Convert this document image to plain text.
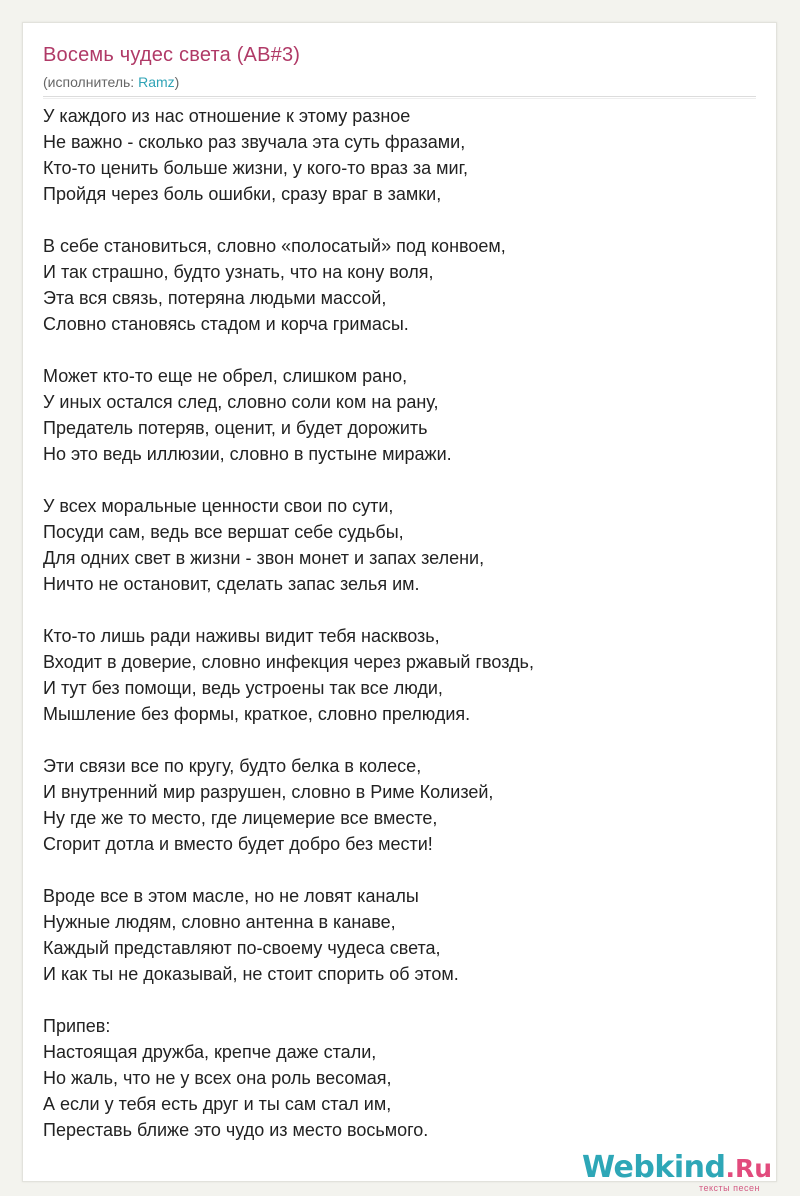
Восемь чудес света (AB#3)
(исполнитель: Ramz)
У каждого из нас отношение к этому разное
Не важно - сколько раз звучала эта суть фразами,
Кто-то ценить больше жизни, у кого-то враз за миг,
Пройдя через боль ошибки, сразу враг в замки,
В себе становиться, словно «полосатый» под конвоем,
И так страшно, будто узнать, что на кону воля,
Эта вся связь, потеряна людьми массой,
Словно становясь стадом и корча гримасы.
Может кто-то еще не обрел, слишком рано,
У иных остался след, словно соли ком на рану,
Предатель потеряв, оценит, и будет дорожить
Но это ведь иллюзии, словно в пустыне миражи.
У всех моральные ценности свои по сути,
Посуди сам, ведь все вершат себе судьбы,
Для одних свет в жизни - звон монет и запах зелени,
Ничто не остановит, сделать запас зелья им.
Кто-то лишь ради наживы видит тебя насквозь,
Входит в доверие, словно инфекция через ржавый гвоздь,
И тут без помощи, ведь устроены так все люди,
Мышление без формы, краткое, словно прелюдия.
Эти связи все по кругу, будто белка в колесе,
И внутренний мир разрушен, словно в Риме Колизей,
Ну где же то место, где лицемерие все вместе,
Сгорит дотла и вместо будет добро без мести!
Вроде все в этом масле, но не ловят каналы
Нужные людям, словно антенна в канаве,
Каждый представляют по-своему чудеса света,
И как ты не доказывай, не стоит спорить об этом.
Припев:
Настоящая дружба, крепче даже стали,
Но жаль, что не у всех она роль весомая,
А если у тебя есть друг и ты сам стал им,
Переставь ближе это чудо из место восьмого.
Webkind.Ru
тексты песен
